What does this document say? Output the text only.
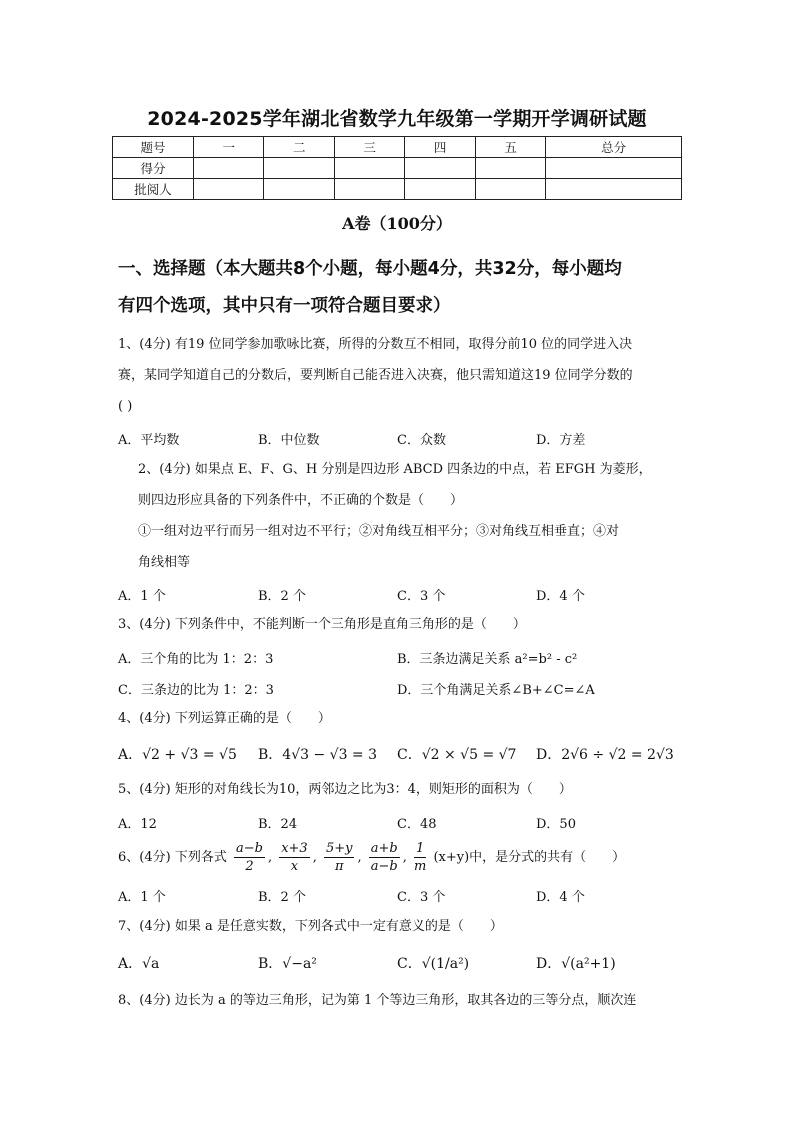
2024-2025学年湖北省数学九年级第一学期开学调研试题
题号	一	二	三	四	五	总分
得分						
批阅人						
A卷（100分）
一、选择题（本大题共8个小题，每小题4分，共32分，每小题均
有四个选项，其中只有一项符合题目要求）
1、(4分) 有19 位同学参加歌咏比赛，所得的分数互不相同，取得分前10 位的同学进入决
赛，某同学知道自己的分数后，要判断自己能否进入决赛，他只需知道这19 位同学分数的
( )
A．平均数	B．中位数	C．众数	D．方差
2、(4分) 如果点 E、F、G、H 分别是四边形 ABCD 四条边的中点，若 EFGH 为菱形，
则四边形应具备的下列条件中，不正确的个数是（　　）
①一组对边平行而另一组对边不平行；②对角线互相平分；③对角线互相垂直；④对
角线相等
A．1 个	B．2 个	C．3 个	D．4 个
3、(4分) 下列条件中，不能判断一个三角形是直角三角形的是（　　）
A．三个角的比为 1：2：3	B．三条边满足关系 a²=b² - c²
C．三条边的比为 1：2：3	D．三个角满足关系∠B+∠C=∠A
4、(4分) 下列运算正确的是（　　）
A．√2 + √3 = √5 B．4√3 − √3 = 3 C．√2 × √5 = √7 D．2√6 ÷ √2 = 2√3
5、(4分) 矩形的对角线长为10，两邻边之比为3：4，则矩形的面积为（　　）
A．12	B．24	C．48	D．50
6、(4分) 下列各式 $\frac{a-b}{2}$ , $\frac{x+3}{x}$ , $\frac{5+y}{\pi}$ , $\frac{a+b}{a-b}$ , $\frac{1}{m} (x+y)$中，是分式的共有（　　）
A．1 个	B．2 个	C．3 个	D．4 个
7、(4分) 如果 a 是任意实数，下列各式中一定有意义的是（　　）
A．√a	B．√−a²	C．√(1/a²)	D．√(a²+1)
8、(4分) 边长为 a 的等边三角形，记为第 1 个等边三角形，取其各边的三等分点，顺次连
